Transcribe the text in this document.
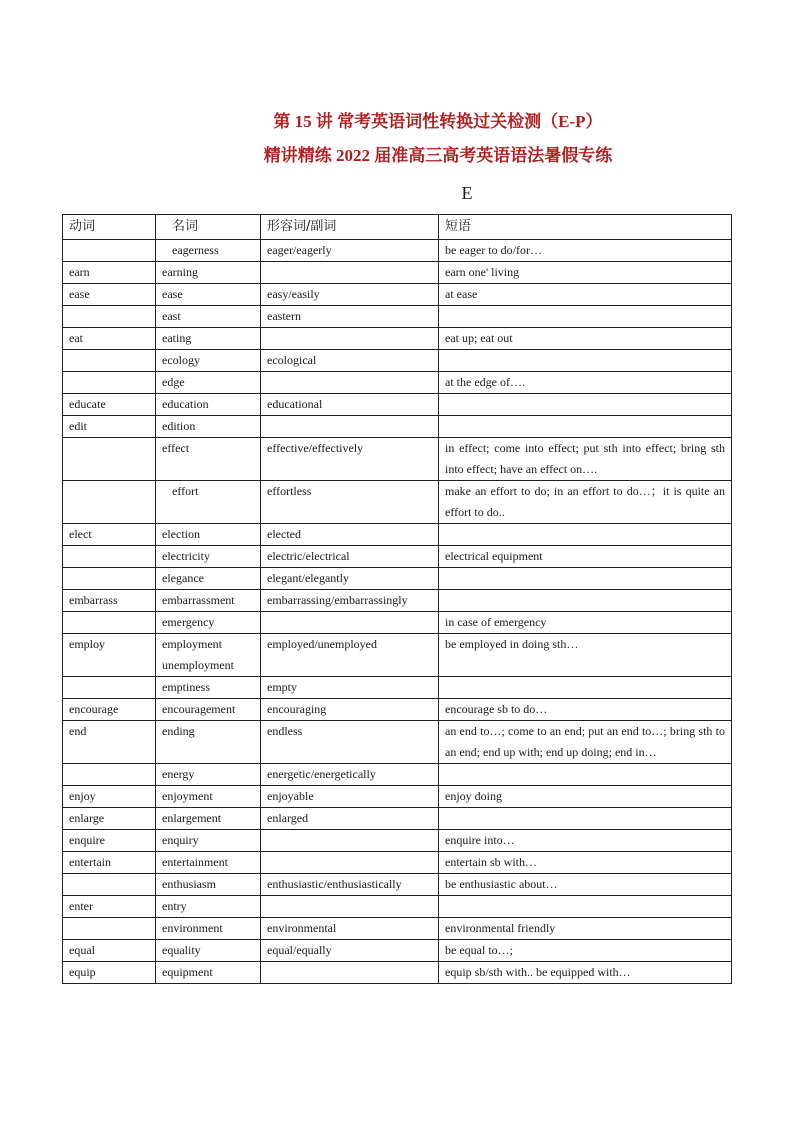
第 15 讲 常考英语词性转换过关检测（E-P）
精讲精练 2022 届准高三高考英语语法暑假专练
E
动词	名词	形容词/副词	短语
	eagerness	eager/eagerly	be eager to do/for…
earn	earning		earn one' living
ease	ease	easy/easily	at ease
	east	eastern	
eat	eating		eat up; eat out
	ecology	ecological	
	edge		at the edge of….
educate	education	educational	
edit	edition		
	effect	effective/effectively	in effect; come into effect; put sth into effect; bring sth into effect; have an effect on….
	effort	effortless	make an effort to do; in an effort to do…；it is quite an effort to do..
elect	election	elected	
	electricity	electric/electrical	electrical equipment
	elegance	elegant/elegantly	
embarrass	embarrassment	embarrassing/embarrassingly	
	emergency		in case of emergency
employ	employment unemployment	employed/unemployed	be employed in doing sth…
	emptiness	empty	
encourage	encouragement	encouraging	encourage sb to do…
end	ending	endless	an end to…; come to an end; put an end to…; bring sth to an end; end up with; end up doing; end in…
	energy	energetic/energetically	
enjoy	enjoyment	enjoyable	enjoy doing
enlarge	enlargement	enlarged	
enquire	enquiry		enquire into…
entertain	entertainment		entertain sb with…
	enthusiasm	enthusiastic/enthusiastically	be enthusiastic about…
enter	entry		
	environment	environmental	environmental friendly
equal	equality	equal/equally	be equal to…;
equip	equipment		equip sb/sth with.. be equipped with…
